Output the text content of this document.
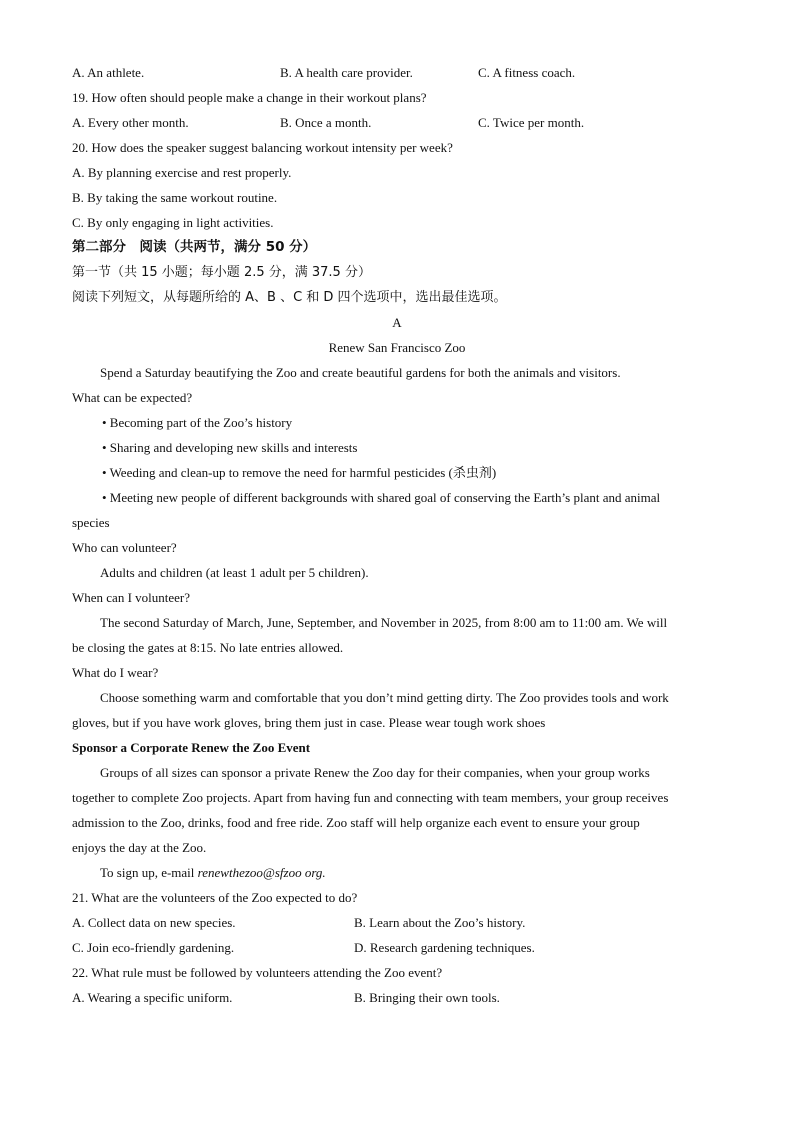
A. An athlete.	B. A health care provider.	C. A fitness coach.
19. How often should people make a change in their workout plans?
A. Every other month.	B. Once a month.	C. Twice per month.
20. How does the speaker suggest balancing workout intensity per week?
A. By planning exercise and rest properly.
B. By taking the same workout routine.
C. By only engaging in light activities.
第二部分　阅读（共两节，满分 50 分）
第一节（共 15 小题；每小题 2.5 分，满 37.5 分）
阅读下列短文，从每题所给的 A、B 、C 和 D 四个选项中，选出最佳选项。
A
Renew San Francisco Zoo
Spend a Saturday beautifying the Zoo and create beautiful gardens for both the animals and visitors.
What can be expected?
• Becoming part of the Zoo’s history
• Sharing and developing new skills and interests
• Weeding and clean-up to remove the need for harmful pesticides (杀虫剂)
• Meeting new people of different backgrounds with shared goal of conserving the Earth’s plant and animal
species
Who can volunteer?
Adults and children (at least 1 adult per 5 children).
When can I volunteer?
The second Saturday of March, June, September, and November in 2025, from 8:00 am to 11:00 am. We will
be closing the gates at 8:15. No late entries allowed.
What do I wear?
Choose something warm and comfortable that you don’t mind getting dirty. The Zoo provides tools and work
gloves, but if you have work gloves, bring them just in case. Please wear tough work shoes
Sponsor a Corporate Renew the Zoo Event
Groups of all sizes can sponsor a private Renew the Zoo day for their companies, when your group works
together to complete Zoo projects. Apart from having fun and connecting with team members, your group receives
admission to the Zoo, drinks, food and free ride. Zoo staff will help organize each event to ensure your group
enjoys the day at the Zoo.
To sign up, e-mail renewthezoo@sfzoo org.
21. What are the volunteers of the Zoo expected to do?
A. Collect data on new species.	B. Learn about the Zoo’s history.
C. Join eco-friendly gardening.	D. Research gardening techniques.
22. What rule must be followed by volunteers attending the Zoo event?
A. Wearing a specific uniform.	B. Bringing their own tools.
